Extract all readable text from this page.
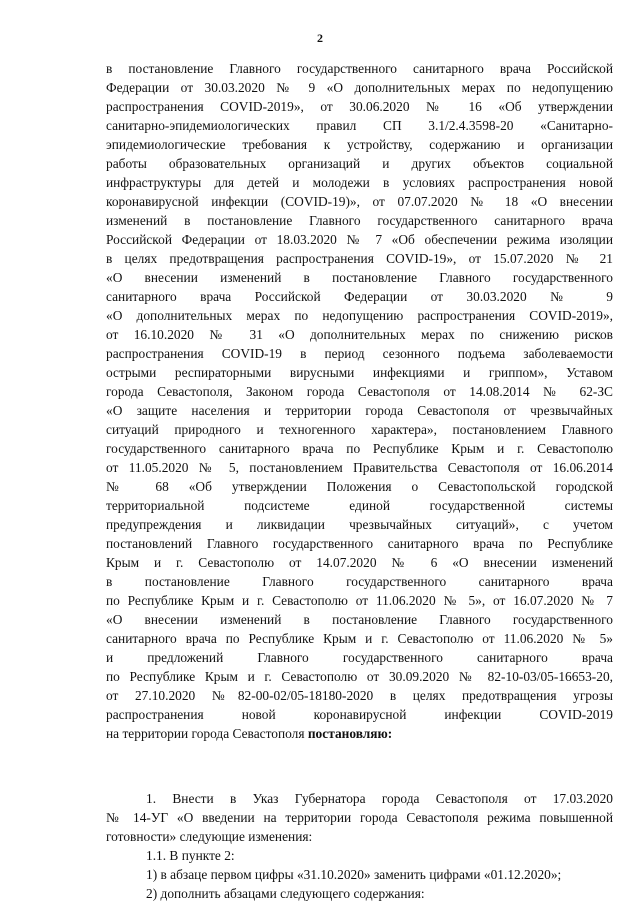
2
в постановление Главного государственного санитарного врача Российской
Федерации от 30.03.2020 № 9 «О дополнительных мерах по недопущению
распространения COVID-2019», от 30.06.2020 № 16 «Об утверждении
санитарно-эпидемиологических правил СП 3.1/2.4.3598-20 «Санитарно-
эпидемиологические требования к устройству, содержанию и организации
работы образовательных организаций и других объектов социальной
инфраструктуры для детей и молодежи в условиях распространения новой
коронавирусной инфекции (COVID-19)», от 07.07.2020 № 18 «О внесении
изменений в постановление Главного государственного санитарного врача
Российской Федерации от 18.03.2020 № 7 «Об обеспечении режима изоляции
в целях предотвращения распространения COVID-19», от 15.07.2020 № 21
«О внесении изменений в постановление Главного государственного
санитарного врача Российской Федерации от 30.03.2020 № 9
«О дополнительных мерах по недопущению распространения COVID-2019»,
от 16.10.2020 № 31 «О дополнительных мерах по снижению рисков
распространения COVID-19 в период сезонного подъема заболеваемости
острыми респираторными вирусными инфекциями и гриппом», Уставом
города Севастополя, Законом города Севастополя от 14.08.2014 № 62-ЗС
«О защите населения и территории города Севастополя от чрезвычайных
ситуаций природного и техногенного характера», постановлением Главного
государственного санитарного врача по Республике Крым и г. Севастополю
от 11.05.2020 № 5, постановлением Правительства Севастополя от 16.06.2014
№ 68 «Об утверждении Положения о Севастопольской городской
территориальной подсистеме единой государственной системы
предупреждения и ликвидации чрезвычайных ситуаций», с учетом
постановлений Главного государственного санитарного врача по Республике
Крым и г. Севастополю от 14.07.2020 № 6 «О внесении изменений
в постановление Главного государственного санитарного врача
по Республике Крым и г. Севастополю от 11.06.2020 № 5», от 16.07.2020 № 7
«О внесении изменений в постановление Главного государственного
санитарного врача по Республике Крым и г. Севастополю от 11.06.2020 № 5»
и предложений Главного государственного санитарного врача
по Республике Крым и г. Севастополю от 30.09.2020 № 82-10-03/05-16653-20,
от 27.10.2020 №82-00-02/05-18180-2020 в целях предотвращения угрозы
распространения новой коронавирусной инфекции COVID-2019
на территории города Севастополя постановляю:
1. Внести в Указ Губернатора города Севастополя от 17.03.2020
№ 14-УГ «О введении на территории города Севастополя режима повышенной
готовности» следующие изменения:
1.1. В пункте 2:
1) в абзаце первом цифры «31.10.2020» заменить цифрами «01.12.2020»;
2) дополнить абзацами следующего содержания:
